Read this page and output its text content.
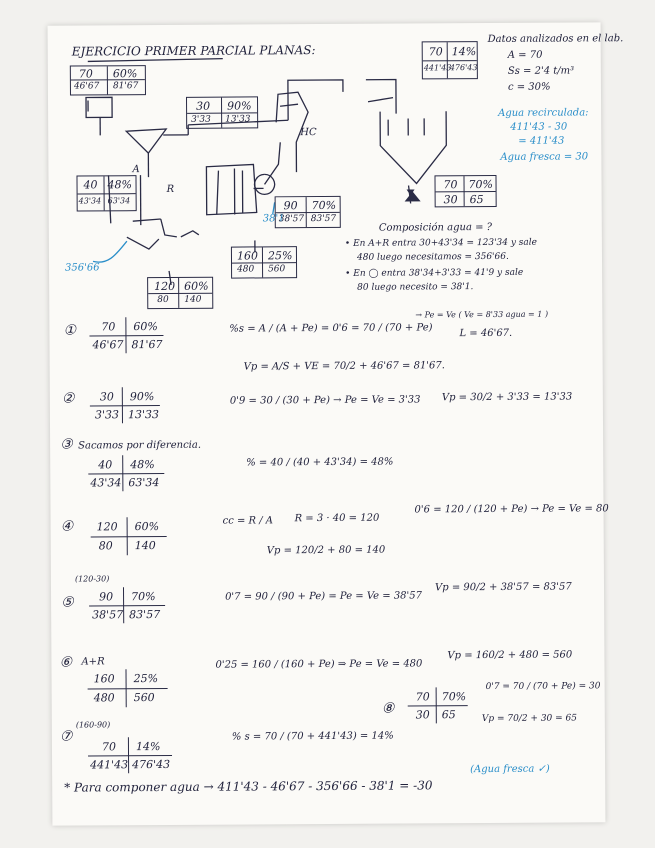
EJERCICIO PRIMER PARCIAL PLANAS:
Datos analizados en el lab.
A = 70
Ss = 2'4 t/m³
c = 30%
Agua recirculada:
411'43 - 30
= 411'43
Agua fresca = 30
356'66
38'1
A
R
HC
70 60%
46'67 81'67
30 90%
3'33 13'33
70 14%
441'43
476'43
40 48%
43'34 63'34	90 70%
38'57 83'57
160 25%
480 560
120 60%
80 140
70 70%
30 65
Composición agua = ?
• En A+R entra 30+43'34 = 123'34 y sale
480 luego necesitamos = 356'66.
• En ◯ entra 38'34+3'33 = 41'9 y sale
80 luego necesito = 38'1.
① 70 60%
46'67 81'67
%s = A / (A + Pe) = 0'6 = 70 / (70 + Pe)
→ Pe = Ve ( Ve = 8'33 agua = 1 )
L = 46'67.
Vp = A/S + VE = 70/2 + 46'67 = 81'67.
② 30 90%
3'33 13'33
0'9 = 30 / (30 + Pe) → Pe = Ve = 3'33 Vp = 30/2 + 3'33 = 13'33
③ Sacamos por diferencia.
40 48%
43'34 63'34
% = 40 / (40 + 43'34) = 48%
④ 120 60%
80 140
cc = R / A R = 3 · 40 = 120
0'6 = 120 / (120 + Pe) → Pe = Ve = 80
Vp = 120/2 + 80 = 140
(120-30)
⑤ 90 70%
38'57 83'57
0'7 = 90 / (90 + Pe) = Pe = Ve = 38'57
Vp = 90/2 + 38'57 = 83'57
⑥ A+R
160 25%
480 560
0'25 = 160 / (160 + Pe) ⇒ Pe = Ve = 480
Vp = 160/2 + 480 = 560
⑧
70 70%
30 65
0'7 = 70 / (70 + Pe) = 30
Vp = 70/2 + 30 = 65
⑦
(160-90)
70 14%
441'43 476'43
% s = 70 / (70 + 441'43) = 14%
* Para componer agua → 411'43 - 46'67 - 356'66 - 38'1 = -30
(Agua fresca ✓)
